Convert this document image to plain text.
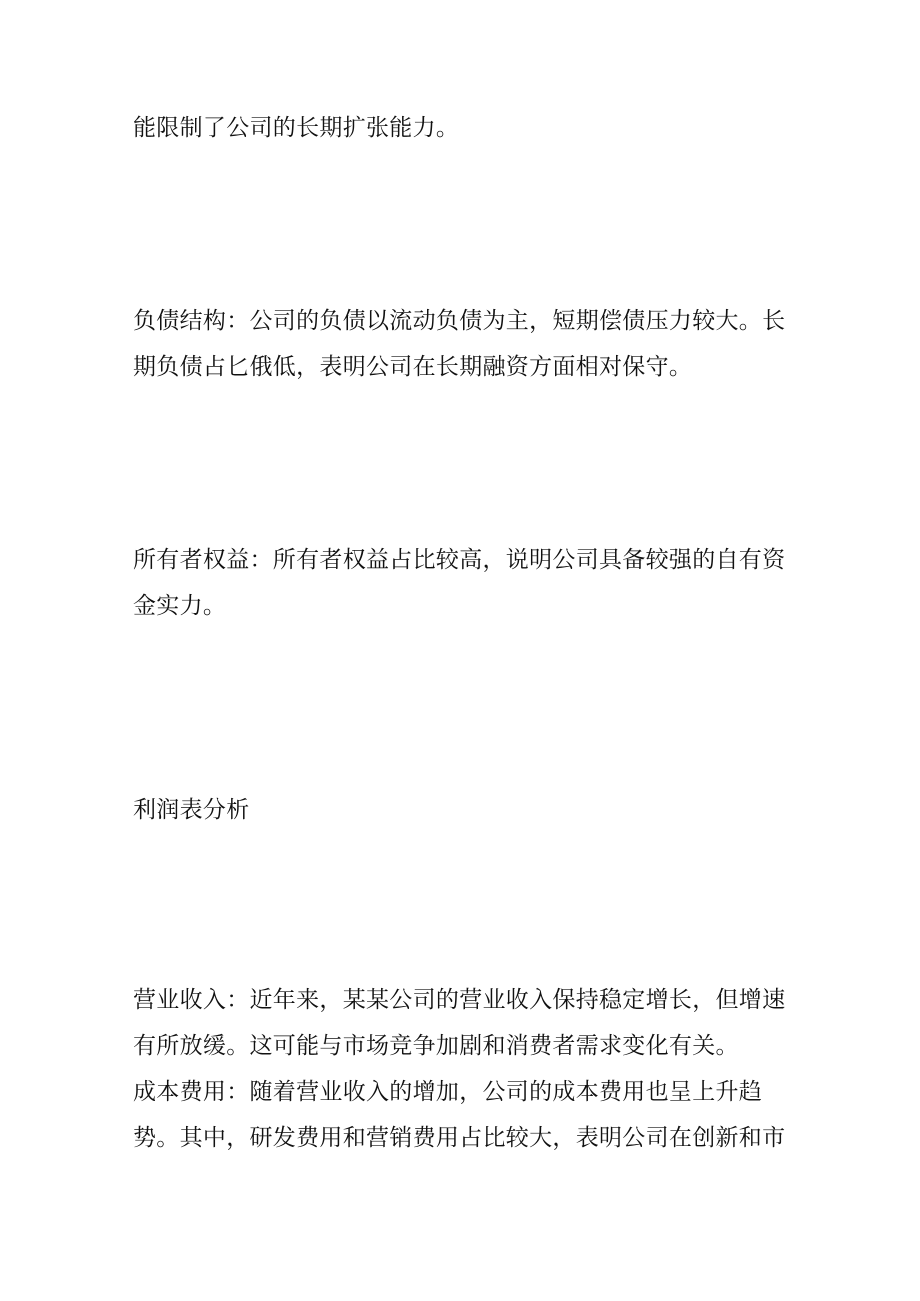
能限制了公司的长期扩张能力。

负债结构：公司的负债以流动负债为主，短期偿债压力较大。长
期负债占匕俄低，表明公司在长期融资方面相对保守。

所有者权益：所有者权益占比较高，说明公司具备较强的自有资
金实力。

利润表分析

营业收入：近年来，某某公司的营业收入保持稳定增长，但增速
有所放缓。这可能与市场竞争加剧和消费者需求变化有关。
成本费用：随着营业收入的增加，公司的成本费用也呈上升趋
势。其中，研发费用和营销费用占比较大，表明公司在创新和市
